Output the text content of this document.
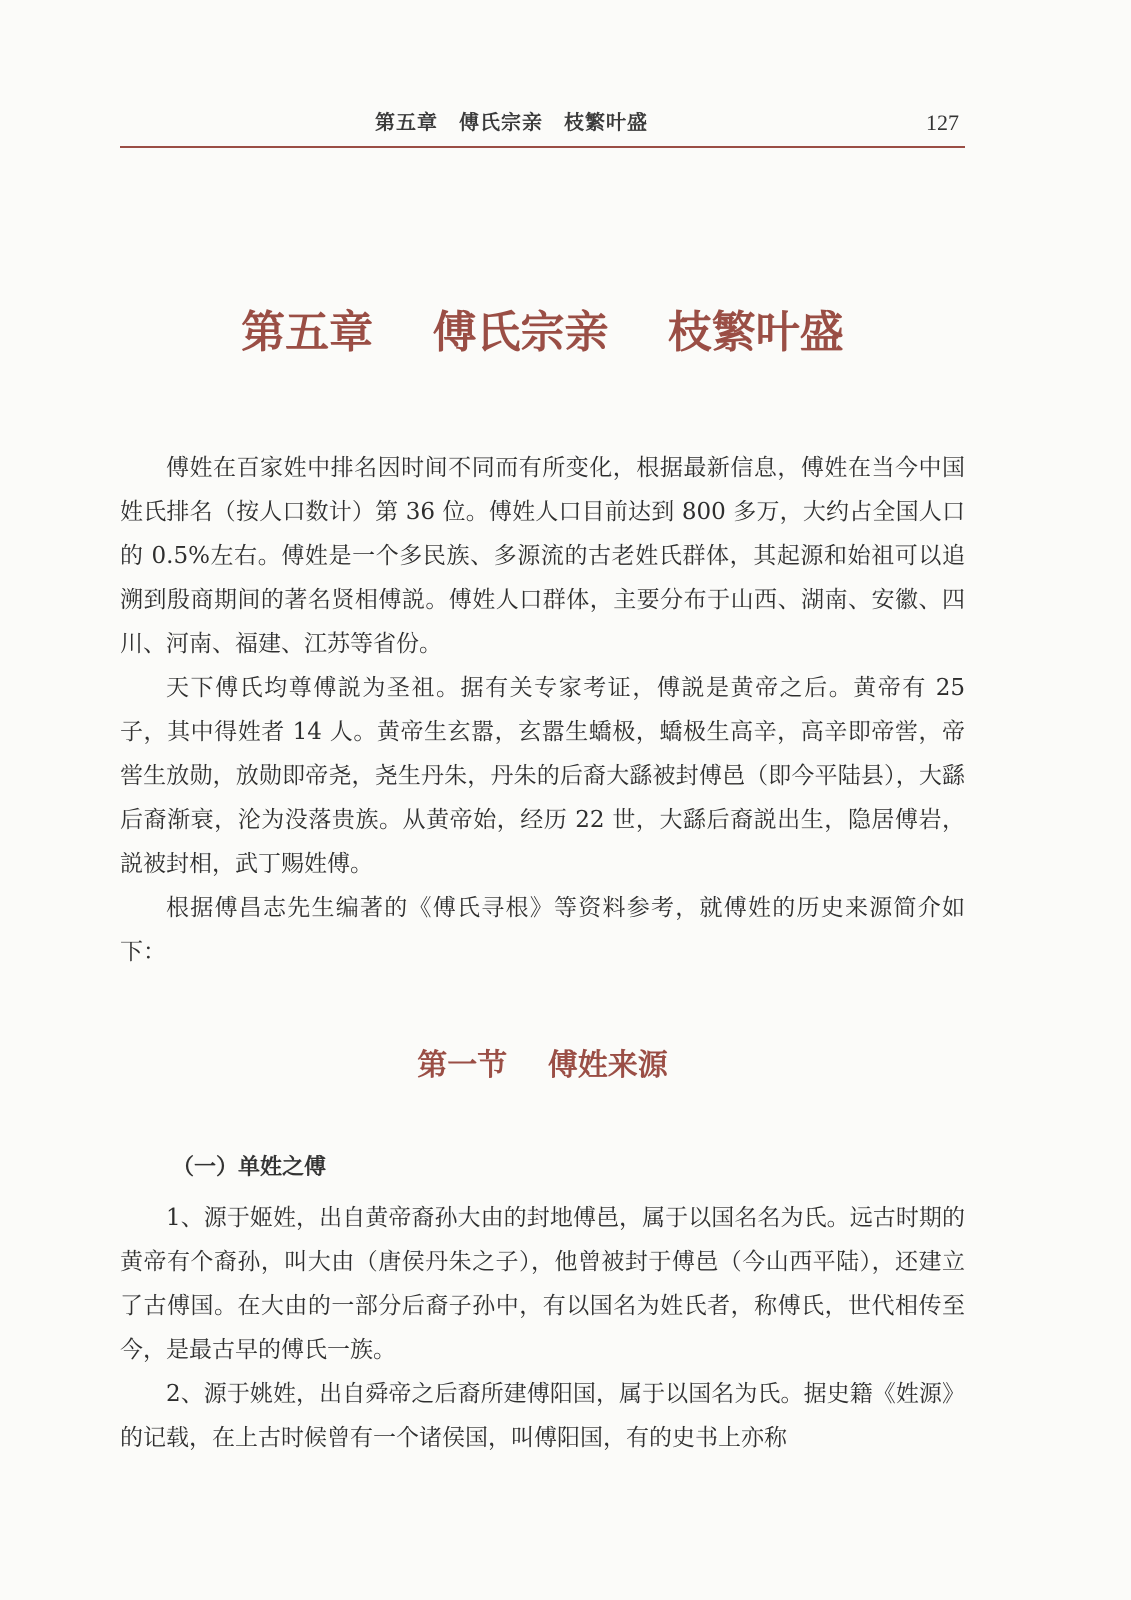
第五章　傅氏宗亲　枝繁叶盛	127
第五章　 傅氏宗亲 　枝繁叶盛

傅姓在百家姓中排名因时间不同而有所变化，根据最新信息，傅姓在当今中国姓氏排名（按人口数计）第 36 位。傅姓人口目前达到 800 多万，大约占全国人口的 0.5%左右。傅姓是一个多民族、多源流的古老姓氏群体，其起源和始祖可以追溯到殷商期间的著名贤相傅説。傅姓人口群体，主要分布于山西、湖南、安徽、四川、河南、福建、江苏等省份。

天下傅氏均尊傅説为圣祖。据有关专家考证，傅説是黄帝之后。黄帝有 25 子，其中得姓者 14 人。黄帝生玄嚣，玄嚣生蟜极，蟜极生高辛，高辛即帝喾，帝喾生放勋，放勋即帝尧，尧生丹朱，丹朱的后裔大繇被封傅邑（即今平陆县），大繇后裔渐衰，沦为没落贵族。从黄帝始，经历 22 世，大繇后裔説出生，隐居傅岩，説被封相，武丁赐姓傅。

根据傅昌志先生编著的《傅氏寻根》等资料参考，就傅姓的历史来源简介如下：

第一节　 傅姓来源
（一）单姓之傅

1、源于姬姓，出自黄帝裔孙大由的封地傅邑，属于以国名名为氏。远古时期的黄帝有个裔孙，叫大由（唐侯丹朱之子），他曾被封于傅邑（今山西平陆），还建立了古傅国。在大由的一部分后裔子孙中，有以国名为姓氏者，称傅氏，世代相传至今，是最古早的傅氏一族。

2、源于姚姓，出自舜帝之后裔所建傅阳国，属于以国名为氏。据史籍《姓源》的记载，在上古时候曾有一个诸侯国，叫傅阳国，有的史书上亦称
